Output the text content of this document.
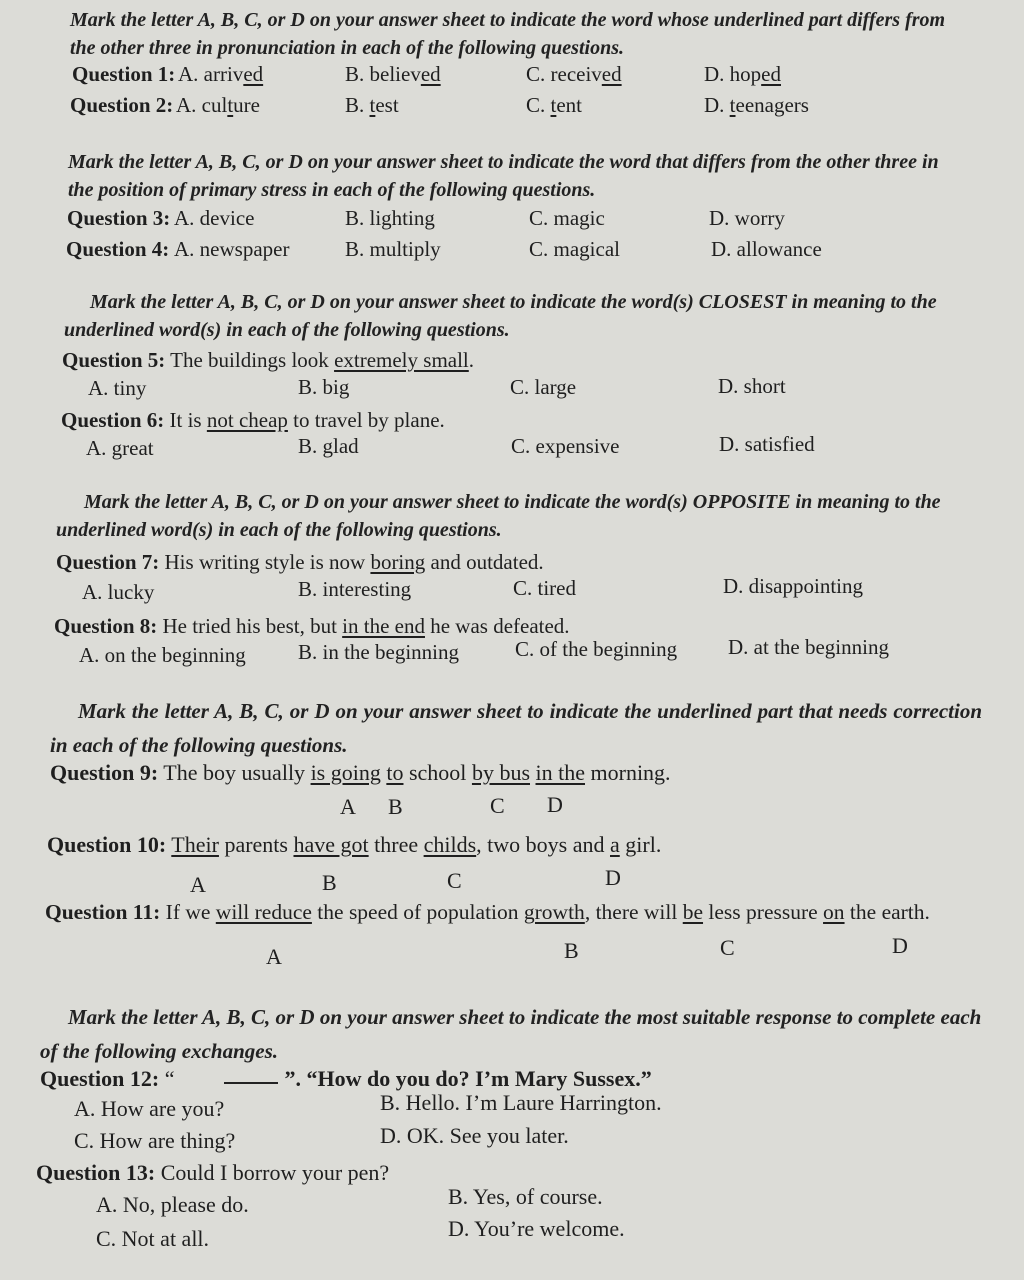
Mark the letter A, B, C, or D on your answer sheet to indicate the word whose underlined part differs from the other three in pronunciation in each of the following questions.
Question 1: A. arrived	B. believed	C. received	D. hoped
Question 2: A. culture	B. test	C. tent	D. teenagers
Mark the letter A, B, C, or D on your answer sheet to indicate the word that differs from the other three in the position of primary stress in each of the following questions.
Question 3: A. device	B. lighting	C. magic	D. worry
Question 4: A. newspaper	B. multiply	C. magical	D. allowance
Mark the letter A, B, C, or D on your answer sheet to indicate the word(s) CLOSEST in meaning to the underlined word(s) in each of the following questions.
Question 5: The buildings look extremely small.
A. tiny	B. big	C. large	D. short
Question 6: It is not cheap to travel by plane.
A. great	B. glad	C. expensive	D. satisfied
Mark the letter A, B, C, or D on your answer sheet to indicate the word(s) OPPOSITE in meaning to the underlined word(s) in each of the following questions.
Question 7: His writing style is now boring and outdated.
A. lucky	B. interesting	C. tired	D. disappointing
Question 8: He tried his best, but in the end he was defeated.
A. on the beginning B. in the beginning	C. of the beginning D. at the beginning
Mark the letter A, B, C, or D on your answer sheet to indicate the underlined part that needs correction in each of the following questions.
Question 9: The boy usually is going to school by bus in the morning.
A B	C D
Question 10: Their parents have got three childs, two boys and a girl.
A	B	C	D
Question 11: If we will reduce the speed of population growth, there will be less pressure on the earth.
A	B	C	D
Mark the letter A, B, C, or D on your answer sheet to indicate the most suitable response to complete each of the following exchanges.
Question 12: “	”. “How do you do? I’m Mary Sussex.”
A. How are you?	B. Hello. I’m Laure Harrington.
C. How are thing?	D. OK. See you later.
Question 13: Could I borrow your pen?
A. No, please do.	B. Yes, of course.
C. Not at all.	D. You’re welcome.
